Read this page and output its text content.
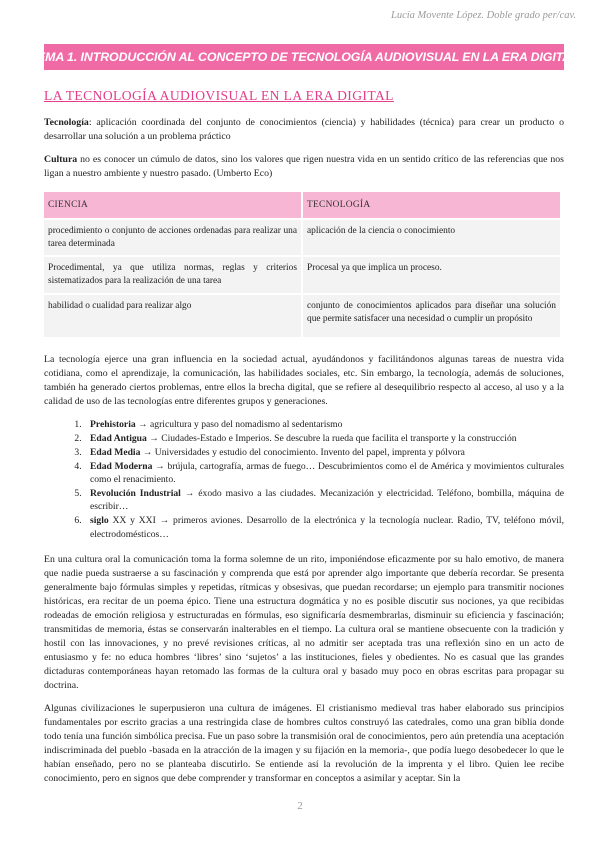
Lucía Movente López. Doble grado per/cav.
TEMA 1. INTRODUCCIÓN AL CONCEPTO DE TECNOLOGÍA AUDIOVISUAL EN LA ERA DIGITAL
LA TECNOLOGÍA AUDIOVISUAL EN LA ERA DIGITAL

Tecnología: aplicación coordinada del conjunto de conocimientos (ciencia) y habilidades (técnica) para crear un producto o desarrollar una solución a un problema práctico

Cultura no es conocer un cúmulo de datos, sino los valores que rigen nuestra vida en un sentido crítico de las referencias que nos ligan a nuestro ambiente y nuestro pasado. (Umberto Eco)

CIENCIA	TECNOLOGÍA
procedimiento o conjunto de acciones ordenadas para realizar una tarea determinada	aplicación de la ciencia o conocimiento
Procedimental, ya que utiliza normas, reglas y criterios sistematizados para la realización de una tarea	Procesal ya que implica un proceso.
habilidad o cualidad para realizar algo	conjunto de conocimientos aplicados para diseñar una solución que permite satisfacer una necesidad o cumplir un propósito

La tecnología ejerce una gran influencia en la sociedad actual, ayudándonos y facilitándonos algunas tareas de nuestra vida cotidiana, como el aprendizaje, la comunicación, las habilidades sociales, etc. Sin embargo, la tecnología, además de soluciones, también ha generado ciertos problemas, entre ellos la brecha digital, que se refiere al desequilibrio respecto al acceso, al uso y a la calidad de uso de las tecnologías entre diferentes grupos y generaciones.

1. Prehistoria → agricultura y paso del nomadismo al sedentarismo
2. Edad Antigua → Ciudades-Estado e Imperios. Se descubre la rueda que facilita el transporte y la construcción
3. Edad Media → Universidades y estudio del conocimiento. Invento del papel, imprenta y pólvora
4. Edad Moderna → brújula, cartografía, armas de fuego… Descubrimientos como el de América y movimientos culturales como el renacimiento.
5. Revolución Industrial → éxodo masivo a las ciudades. Mecanización y electricidad. Teléfono, bombilla, máquina de escribir…
6. siglo XX y XXI → primeros aviones. Desarrollo de la electrónica y la tecnología nuclear. Radio, TV, teléfono móvil, electrodomésticos…

En una cultura oral la comunicación toma la forma solemne de un rito, imponiéndose eficazmente por su halo emotivo, de manera que nadie pueda sustraerse a su fascinación y comprenda que está por aprender algo importante que debería recordar. Se presenta generalmente bajo fórmulas simples y repetidas, rítmicas y obsesivas, que puedan recordarse; un ejemplo para transmitir nociones históricas, era recitar de un poema épico. Tiene una estructura dogmática y no es posible discutir sus nociones, ya que recibidas rodeadas de emoción religiosa y estructuradas en fórmulas, eso significaría desmembrarlas, disminuir su eficiencia y fascinación; transmitidas de memoria, éstas se conservarán inalterables en el tiempo. La cultura oral se mantiene obsecuente con la tradición y hostil con las innovaciones, y no prevé revisiones críticas, al no admitir ser aceptada tras una reflexión sino en un acto de entusiasmo y fe: no educa hombres ‘libres’ sino ‘sujetos’ a las instituciones, fieles y obedientes. No es casual que las grandes dictaduras contemporáneas hayan retomado las formas de la cultura oral y basado muy poco en obras escritas para propagar su doctrina.

Algunas civilizaciones le superpusieron una cultura de imágenes. El cristianismo medieval tras haber elaborado sus principios fundamentales por escrito gracias a una restringida clase de hombres cultos construyó las catedrales, como una gran biblia donde todo tenía una función simbólica precisa. Fue un paso sobre la transmisión oral de conocimientos, pero aún pretendía una aceptación indiscriminada del pueblo -basada en la atracción de la imagen y su fijación en la memoria-, que podía luego desobedecer lo que le habían enseñado, pero no se planteaba discutirlo. Se entiende así la revolución de la imprenta y el libro. Quien lee recibe conocimiento, pero en signos que debe comprender y transformar en conceptos a asimilar y aceptar. Sin la

2
